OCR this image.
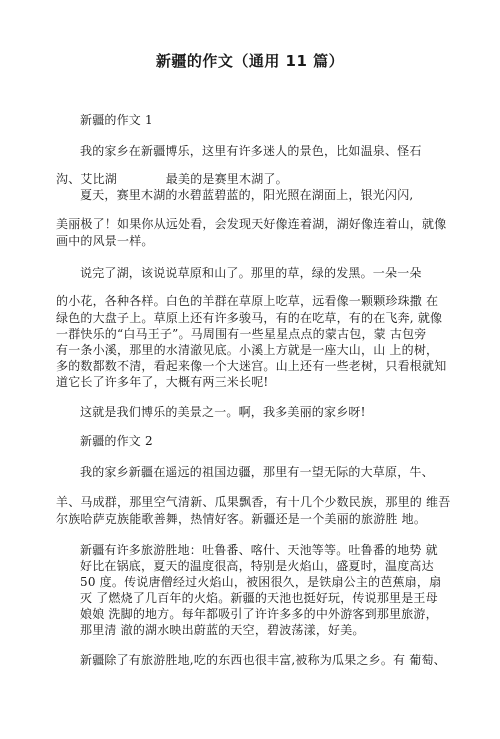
新疆的作文（通用 11 篇）
新疆的作文 1
我的家乡在新疆博乐，这里有许多迷人的景色，比如温泉、怪石
沟、艾比湖　　　　最美的是赛里木湖了。
夏天，赛里木湖的水碧蓝碧蓝的，阳光照在湖面上，银光闪闪,
美丽极了！如果你从远处看，会发现天好像连着湖，湖好像连着山，就像
画中的风景一样。
说完了湖，该说说草原和山了。那里的草，绿的发黑。一朵一朵
的小花，各种各样。白色的羊群在草原上吃草，远看像一颗颗珍珠撒 在
绿色的大盘子上。草原上还有许多骏马，有的在吃草，有的在飞奔, 就像
一群快乐的“白马王子”。马周围有一些星星点点的蒙古包，蒙 古包旁
有一条小溪，那里的水清澈见底。小溪上方就是一座大山，山 上的树，
多的数都数不清，看起来像一个大迷宫。山上还有一些老树，只看根就知
道它长了许多年了，大概有两三米长呢!
这就是我们博乐的美景之一。啊，我多美丽的家乡呀!
新疆的作文 2
我的家乡新疆在遥远的祖国边疆，那里有一望无际的大草原，牛、
羊、马成群，那里空气清新、瓜果飘香，有十几个少数民族，那里的 维吾
尔族哈萨克族能歌善舞，热情好客。新疆还是一个美丽的旅游胜 地。
新疆有许多旅游胜地：吐鲁番、喀什、天池等等。吐鲁番的地势 就
好比在锅底，夏天的温度很高，特别是火焰山，盛夏时，温度高达
50 度。传说唐僧经过火焰山，被困很久，是铁扇公主的芭蕉扇，扇
灭 了燃烧了几百年的火焰。新疆的天池也挺好玩，传说那里是王母
娘娘 洗脚的地方。每年都吸引了许许多多的中外游客到那里旅游，
那里清 澈的湖水映出蔚蓝的天空，碧波荡漾，好美。
新疆除了有旅游胜地,吃的东西也很丰富,被称为瓜果之乡。有 葡萄、
